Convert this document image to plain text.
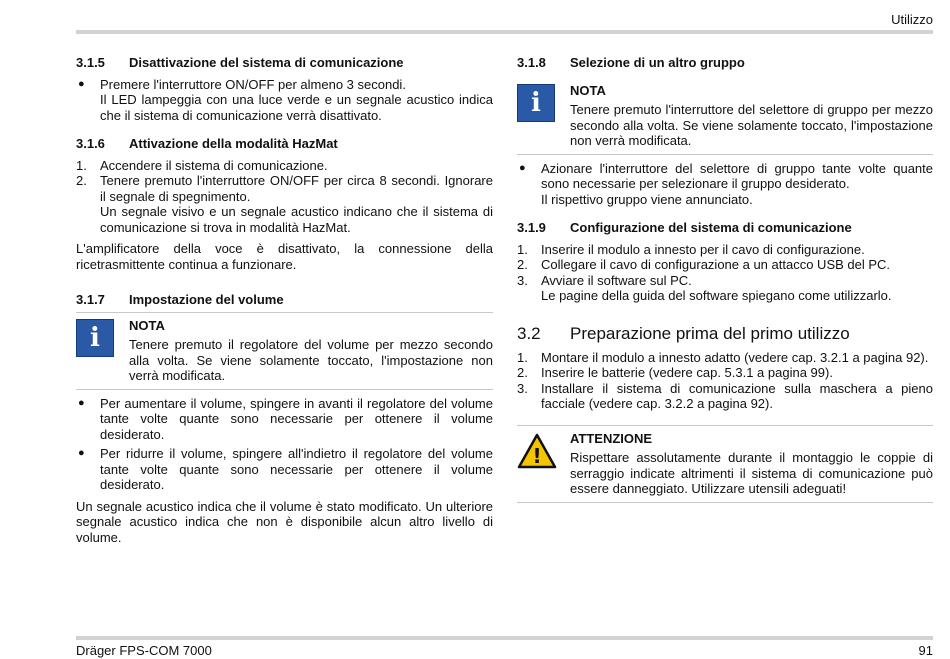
Utilizzo
3.1.5	Disattivazione del sistema di comunicazione
●	Premere l'interruttore ON/OFF per almeno 3 secondi.
Il LED lampeggia con una luce verde e un segnale acustico indica che il sistema di comunicazione verrà disattivato.
3.1.6	Attivazione della modalità HazMat
1.	Accendere il sistema di comunicazione.
2.	Tenere premuto l'interruttore ON/OFF per circa 8 secondi. Ignorare il segnale di spegnimento.
Un segnale visivo e un segnale acustico indicano che il sistema di comunicazione si trova in modalità HazMat.

L'amplificatore della voce è disattivato, la connessione della ricetrasmittente continua a funzionare.

3.1.7	Impostazione del volume
i	NOTA

Tenere premuto il regolatore del volume per mezzo secondo alla volta. Se viene solamente toccato, l'impostazione non verrà modificata.

●	Per aumentare il volume, spingere in avanti il regolatore del volume tante volte quante sono necessarie per ottenere il volume desiderato.
●	Per ridurre il volume, spingere all'indietro il regolatore del volume tante volte quante sono necessarie per ottenere il volume desiderato.

Un segnale acustico indica che il volume è stato modificato. Un ulteriore segnale acustico indica che non è disponibile alcun altro livello di volume.

3.1.8	Selezione di un altro gruppo
i	NOTA

Tenere premuto l'interruttore del selettore di gruppo per mezzo secondo alla volta. Se viene solamente toccato, l'impostazione non verrà modificata.

●	Azionare l'interruttore del selettore di gruppo tante volte quante sono necessarie per selezionare il gruppo desiderato.
Il rispettivo gruppo viene annunciato.
3.1.9	Configurazione del sistema di comunicazione
1.	Inserire il modulo a innesto per il cavo di configurazione.
2.	Collegare il cavo di configurazione a un attacco USB del PC.
3.	Avviare il software sul PC.
Le pagine della guida del software spiegano come utilizzarlo.
3.2	Preparazione prima del primo utilizzo
1.	Montare il modulo a innesto adatto (vedere cap. 3.2.1 a pagina 92).
2.	Inserire le batterie (vedere cap. 5.3.1 a pagina 99).
3.	Installare il sistema di comunicazione sulla maschera a pieno facciale (vedere cap. 3.2.2 a pagina 92).
!
ATTENZIONE

Rispettare assolutamente durante il montaggio le coppie di serraggio indicate altrimenti il sistema di comunicazione può essere danneggiato. Utilizzare utensili adeguati!

Dräger FPS-COM 7000	91
